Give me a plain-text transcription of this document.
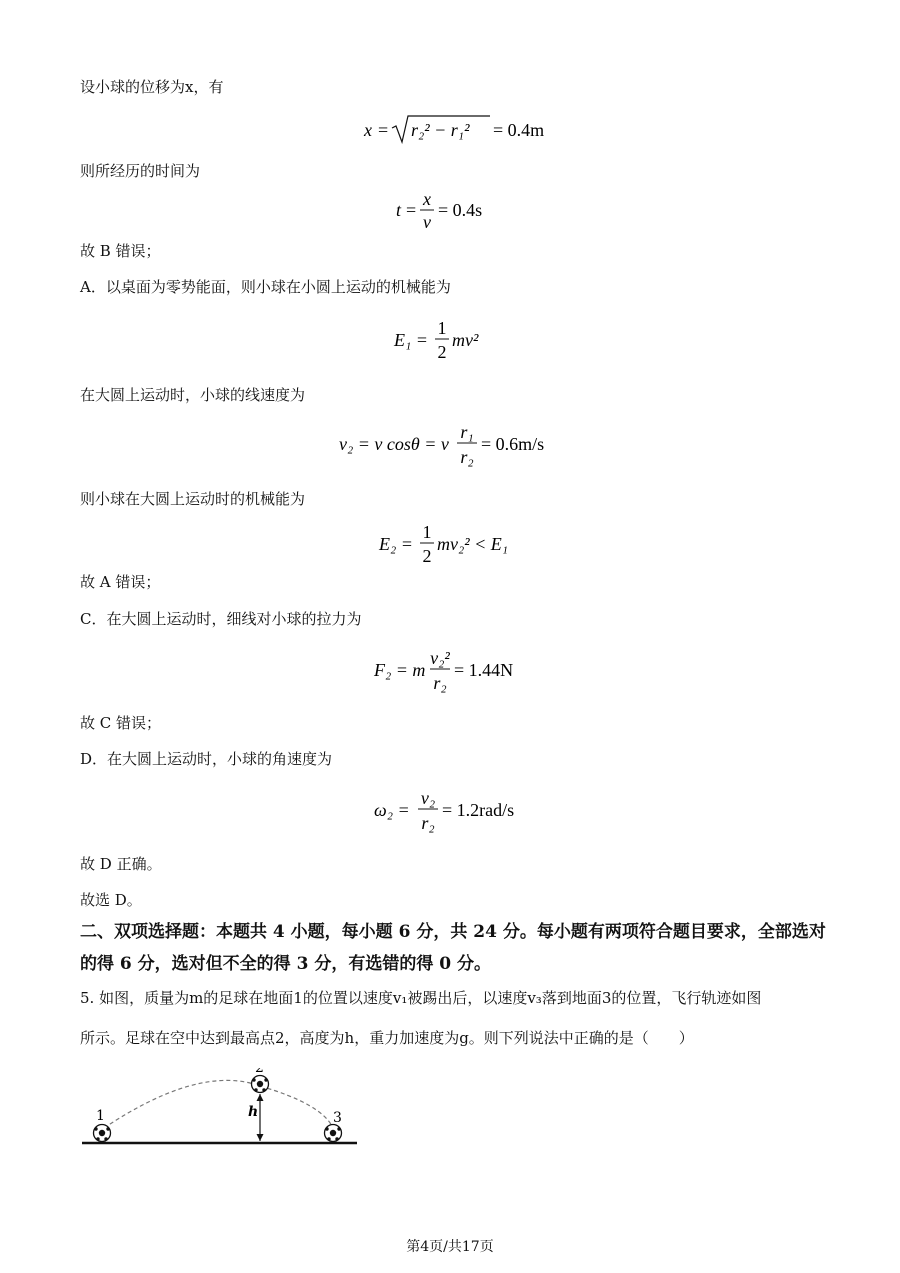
设小球的位移为x，有
x = r₂² − r₁² = 0.4m
则所经历的时间为
t =
x
v
= 0.4s
故 B 错误；
A．以桌面为零势能面，则小球在小圆上运动的机械能为
E₁ =
1
2
mv²
在大圆上运动时，小球的线速度为
v₂ = v cosθ = v
r₁
r₂
= 0.6m/s
则小球在大圆上运动时的机械能为
E₂ =
1
2
mv₂² < E₁
故 A 错误；
C．在大圆上运动时，细线对小球的拉力为
F₂ = m
v₂²
r₂
= 1.44N
故 C 错误；
D．在大圆上运动时，小球的角速度为
ω₂ =
v₂
r₂
= 1.2rad/s
故 D 正确。
故选 D。
二、双项选择题：本题共 4 小题，每小题 6 分，共 24 分。每小题有两项符合题目要求，全部选对的得 6 分，选对但不全的得 3 分，有选错的得 0 分。
5. 如图，质量为m的足球在地面1的位置以速度v₁被踢出后，以速度v₃落到地面3的位置，飞行轨迹如图
所示。足球在空中达到最高点2，高度为h，重力加速度为g。则下列说法中正确的是（　　）
1
2
3
h
第4页/共17页
